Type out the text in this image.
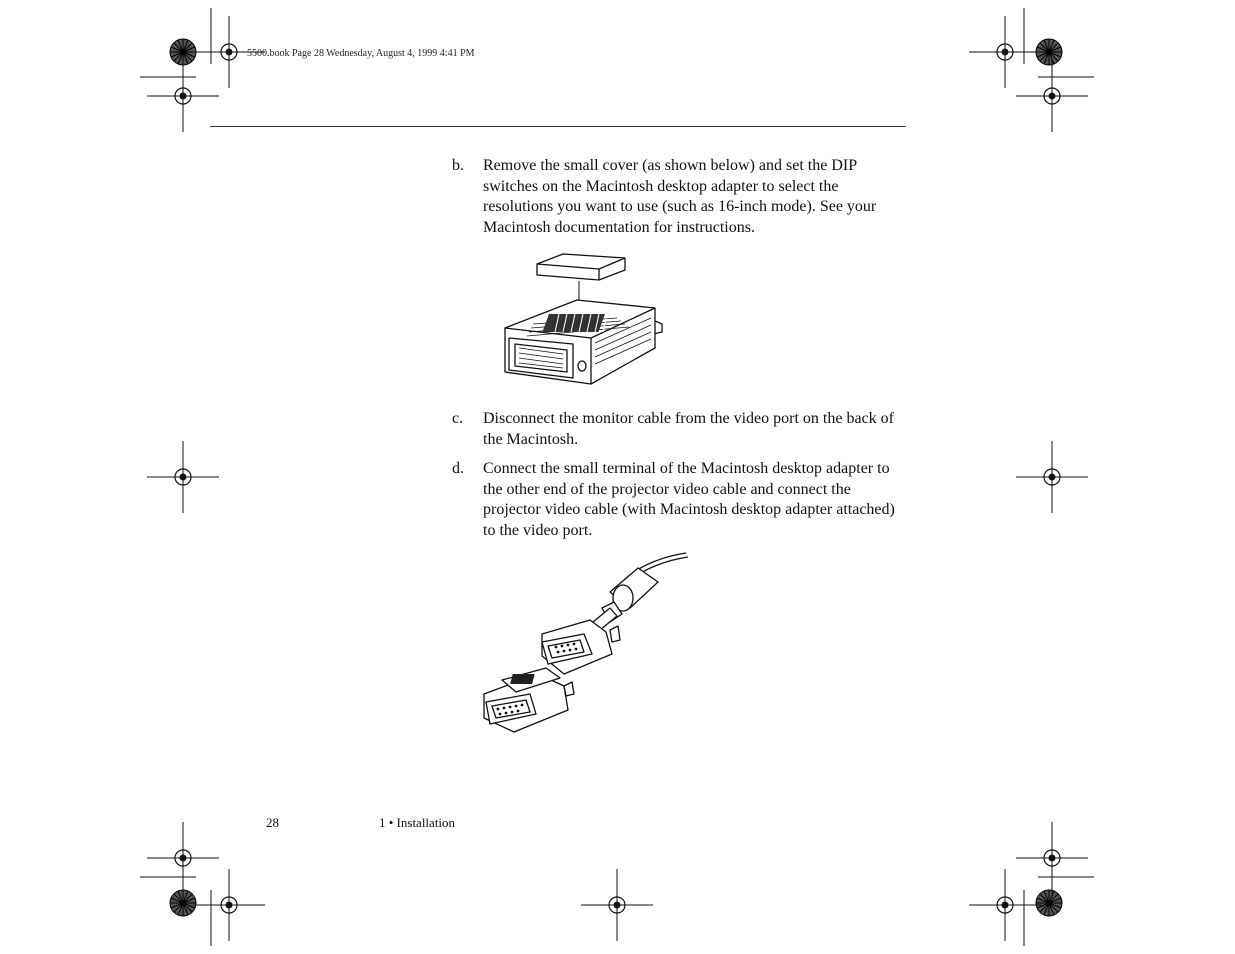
5500.book Page 28 Wednesday, August 4, 1999 4:41 PM
b. Remove the small cover (as shown below) and set the DIP switches on the Macintosh desktop adapter to select the resolutions you want to use (such as 16-inch mode). See your Macintosh documentation for instructions.
c. Disconnect the monitor cable from the video port on the back of the Macintosh.
d. Connect the small terminal of the Macintosh desktop adapter to the other end of the projector video cable and connect the projector video cable (with Macintosh desktop adapter attached) to the video port.
28	1 • Installation
